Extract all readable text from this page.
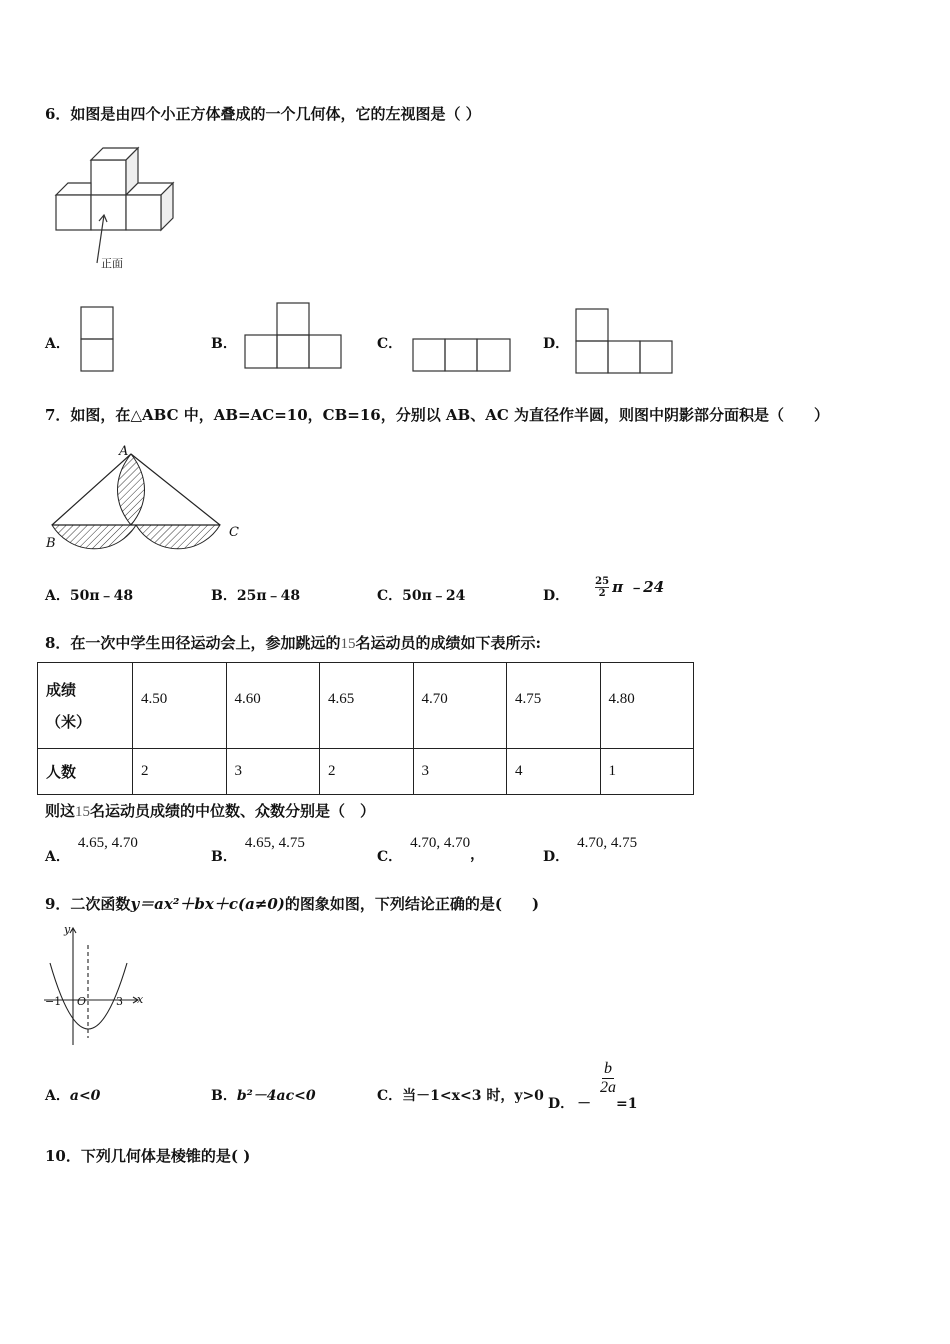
6．如图是由四个小正方体叠成的一个几何体，它的左视图是（ ）
正面
A．	B．	C．	D．
7．如图，在△ABC 中，AB=AC=10，CB=16，分别以 AB、AC 为直径作半圆，则图中阴影部分面积是（　　）
A
B
C
A．50π﹣48	B．25π﹣48	C．50π﹣24	D．	$\frac{25}{2}$ π ﹣24
8．在一次中学生田径运动会上，参加跳远的15名运动员的成绩如下表所示:
成绩
（米）	4.50	4.60	4.65	4.70	4.75	4.80
人数	2	3	2	3	4	1
则这15名运动员成绩的中位数、众数分别是（　）
A．4.65, 4.70
B．4.65, 4.75
C．4.70, 4.70，	D．4.70, 4.75
9．二次函数y＝ax²＋bx＋c(a≠0)的图象如图，下列结论正确的是(　　)
y
x
−1 O	3
A．a<0	B．b²－4ac<0	C．当－1<x<3 时，y>0 D． －
$\frac{b}{2a}$
=1
10．下列几何体是棱锥的是( )
